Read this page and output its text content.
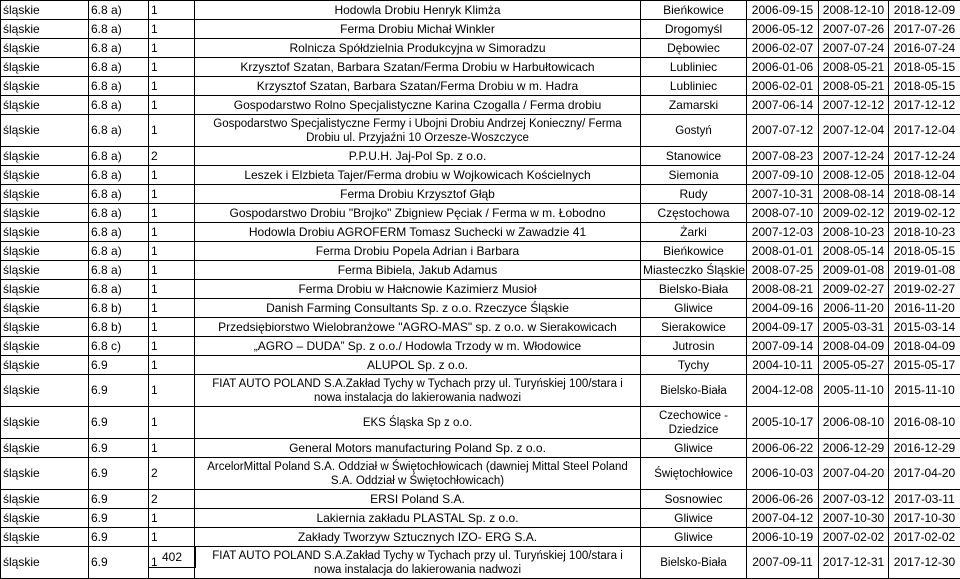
śląskie	6.8 a)	1	Hodowla Drobiu Henryk Klimża	Bieńkowice	2006-09-15	2008-12-10	2018-12-09
śląskie	6.8 a)	1	Ferma Drobiu Michał Winkler	Drogomyśl	2006-05-12	2007-07-26	2017-07-26
śląskie	6.8 a)	1	Rolnicza Spółdzielnia Produkcyjna w Simoradzu	Dębowiec	2006-02-07	2007-07-24	2016-07-24
śląskie	6.8 a)	1	Krzysztof Szatan, Barbara Szatan/Ferma Drobiu w Harbułtowicach	Lubliniec	2006-01-06	2008-05-21	2018-05-15
śląskie	6.8 a)	1	Krzysztof Szatan, Barbara Szatan/Ferma Drobiu w m. Hadra	Lubliniec	2006-02-01	2008-05-21	2018-05-15
śląskie	6.8 a)	1	Gospodarstwo Rolno Specjalistyczne Karina Czogalla / Ferma drobiu	Zamarski	2007-06-14	2007-12-12	2017-12-12
śląskie	6.8 a)	1	Gospodarstwo Specjalistyczne Fermy i Ubojni Drobiu Andrzej Konieczny/ Ferma Drobiu ul. Przyjaźni 10 Orzesze-Woszczyce	Gostyń	2007-07-12	2007-12-04	2017-12-04
śląskie	6.8 a)	2	P.P.U.H. Jaj-Pol Sp. z o.o.	Stanowice	2007-08-23	2007-12-24	2017-12-24
śląskie	6.8 a)	1	Leszek i Elzbieta Tajer/Ferma drobiu w Wojkowicach Kościelnych	Siemonia	2007-09-10	2008-12-05	2018-12-04
śląskie	6.8 a)	1	Ferma Drobiu Krzysztof Głąb	Rudy	2007-10-31	2008-08-14	2018-08-14
śląskie	6.8 a)	1	Gospodarstwo Drobiu "Brojko" Zbigniew Pęciak / Ferma w m. Łobodno	Częstochowa	2008-07-10	2009-02-12	2019-02-12
śląskie	6.8 a)	1	Hodowla Drobiu AGROFERM Tomasz Suchecki w Zawadzie 41	Żarki	2007-12-03	2008-10-23	2018-10-23
śląskie	6.8 a)	1	Ferma Drobiu Popela Adrian i Barbara	Bieńkowice	2008-01-01	2008-05-14	2018-05-15
śląskie	6.8 a)	1	Ferma Bibiela, Jakub Adamus	Miasteczko Śląskie	2008-07-25	2009-01-08	2019-01-08
śląskie	6.8 a)	1	Ferma Drobiu w Hałcnowie Kazimierz Musioł	Bielsko-Biała	2008-08-21	2009-02-27	2019-02-27
śląskie	6.8 b)	1	Danish Farming Consultants Sp. z o.o. Rzeczyce Śląskie	Gliwice	2004-09-16	2006-11-20	2016-11-20
śląskie	6.8 b)	1	Przedsiębiorstwo Wielobranżowe "AGRO-MAS" sp. z o.o. w Sierakowicach	Sierakowice	2004-09-17	2005-03-31	2015-03-14
śląskie	6.8 c)	1	„AGRO – DUDA” Sp. z o.o./ Hodowla Trzody w m. Włodowice	Jutrosin	2007-09-14	2008-04-09	2018-04-09
śląskie	6.9	1	ALUPOL Sp. z o.o.	Tychy	2004-10-11	2005-05-27	2015-05-17
śląskie	6.9	1	FIAT AUTO POLAND S.A.Zakład Tychy w Tychach przy ul. Turyńskiej 100/stara i nowa instalacja do lakierowania nadwozi	Bielsko-Biała	2004-12-08	2005-11-10	2015-11-10
śląskie	6.9	1	EKS Śląska Sp z o.o.	Czechowice - Dziedzice	2005-10-17	2006-08-10	2016-08-10
śląskie	6.9	1	General Motors manufacturing Poland Sp. z o.o.	Gliwice	2006-06-22	2006-12-29	2016-12-29
śląskie	6.9	2	ArcelorMittal Poland S.A. Oddział w Świętochłowicach (dawniej Mittal Steel Poland S.A. Oddział w Świętochłowicach)	Świętochłowice	2006-10-03	2007-04-20	2017-04-20
śląskie	6.9	2	ERSI Poland S.A.	Sosnowiec	2006-06-26	2007-03-12	2017-03-11
śląskie	6.9	1	Lakiernia zakładu PLASTAL Sp. z o.o.	Gliwice	2007-04-12	2007-10-30	2017-10-30
śląskie	6.9	1	Zakłady Tworzyw Sztucznych IZO- ERG S.A.	Gliwice	2006-10-19	2007-02-02	2017-02-02
śląskie	6.9	1	FIAT AUTO POLAND S.A.Zakład Tychy w Tychach przy ul. Turyńskiej 100/stara i nowa instalacja do lakierowania nadwozi	Bielsko-Biała	2007-09-11	2017-12-31	2017-12-30
402
